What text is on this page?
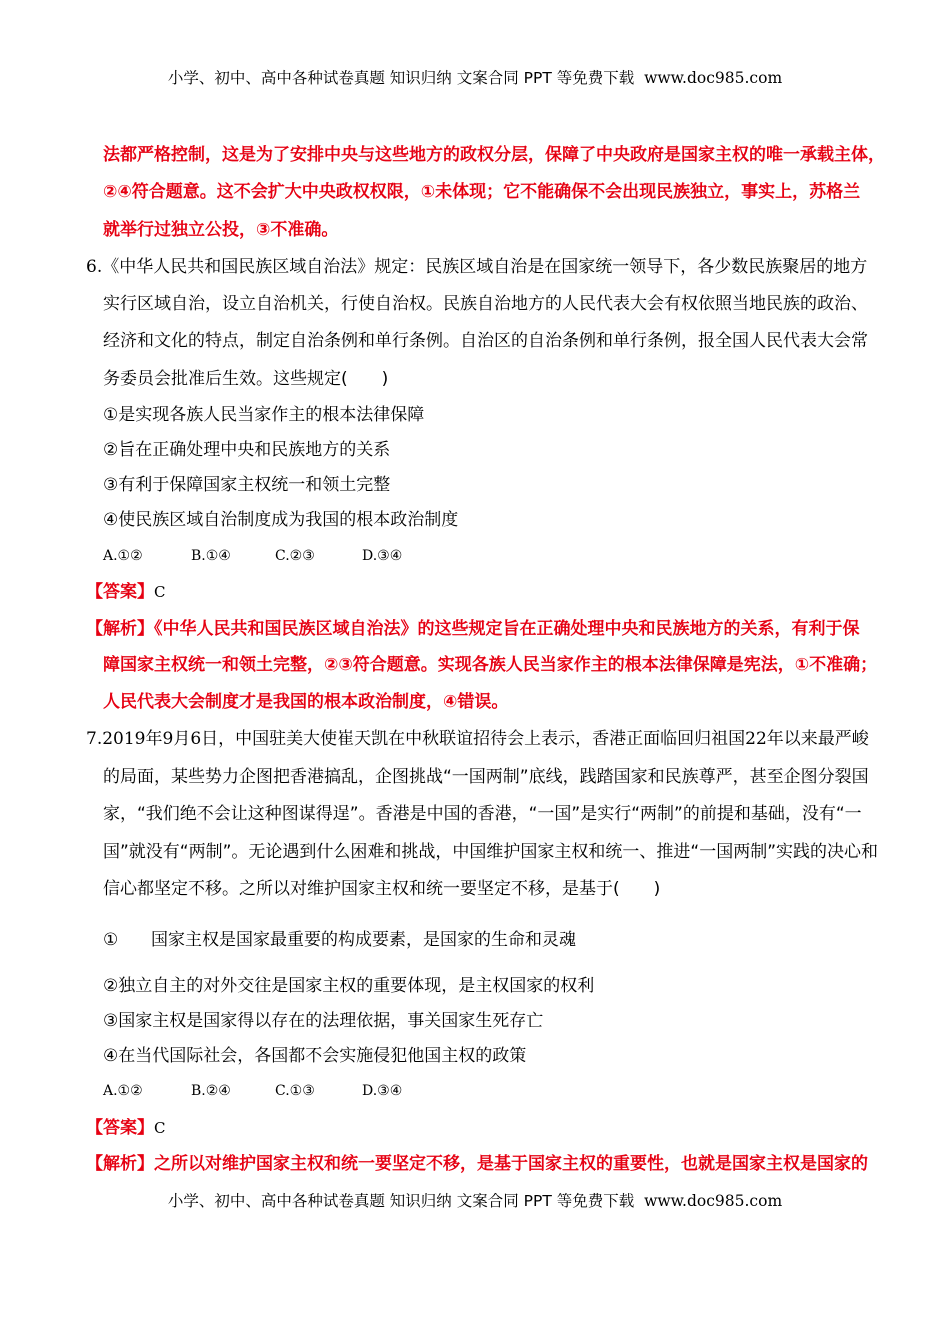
小学、初中、高中各种试卷真题 知识归纳 文案合同 PPT 等免费下载 www.doc985.com
法都严格控制，这是为了安排中央与这些地方的政权分层，保障了中央政府是国家主权的唯一承载主体，
②④符合题意。这不会扩大中央政权权限，①未体现；它不能确保不会出现民族独立，事实上，苏格兰
就举行过独立公投，③不准确。
6.《中华人民共和国民族区域自治法》规定：民族区域自治是在国家统一领导下，各少数民族聚居的地方
实行区域自治，设立自治机关，行使自治权。民族自治地方的人民代表大会有权依照当地民族的政治、
经济和文化的特点，制定自治条例和单行条例。自治区的自治条例和单行条例，报全国人民代表大会常
务委员会批准后生效。这些规定(　　)
①是实现各族人民当家作主的根本法律保障
②旨在正确处理中央和民族地方的关系
③有利于保障国家主权统一和领土完整
④使民族区域自治制度成为我国的根本政治制度
A.①②	B.①④	C.②③	D.③④
【答案】C
【解析】《中华人民共和国民族区域自治法》的这些规定旨在正确处理中央和民族地方的关系，有利于保
障国家主权统一和领土完整，②③符合题意。实现各族人民当家作主的根本法律保障是宪法，①不准确；
人民代表大会制度才是我国的根本政治制度，④错误。
7.2019年9月6日，中国驻美大使崔天凯在中秋联谊招待会上表示，香港正面临回归祖国22年以来最严峻
的局面，某些势力企图把香港搞乱，企图挑战“一国两制”底线，践踏国家和民族尊严，甚至企图分裂国
家，“我们绝不会让这种图谋得逞”。香港是中国的香港，“一国”是实行“两制”的前提和基础，没有“一
国”就没有“两制”。无论遇到什么困难和挑战，中国维护国家主权和统一、推进“一国两制”实践的决心和
信心都坚定不移。之所以对维护国家主权和统一要坚定不移，是基于(　　)
① 国家主权是国家最重要的构成要素，是国家的生命和灵魂
②独立自主的对外交往是国家主权的重要体现，是主权国家的权利
③国家主权是国家得以存在的法理依据，事关国家生死存亡
④在当代国际社会，各国都不会实施侵犯他国主权的政策
A.①②	B.②④	C.①③	D.③④
【答案】C
【解析】之所以对维护国家主权和统一要坚定不移，是基于国家主权的重要性，也就是国家主权是国家的
小学、初中、高中各种试卷真题 知识归纳 文案合同 PPT 等免费下载 www.doc985.com
